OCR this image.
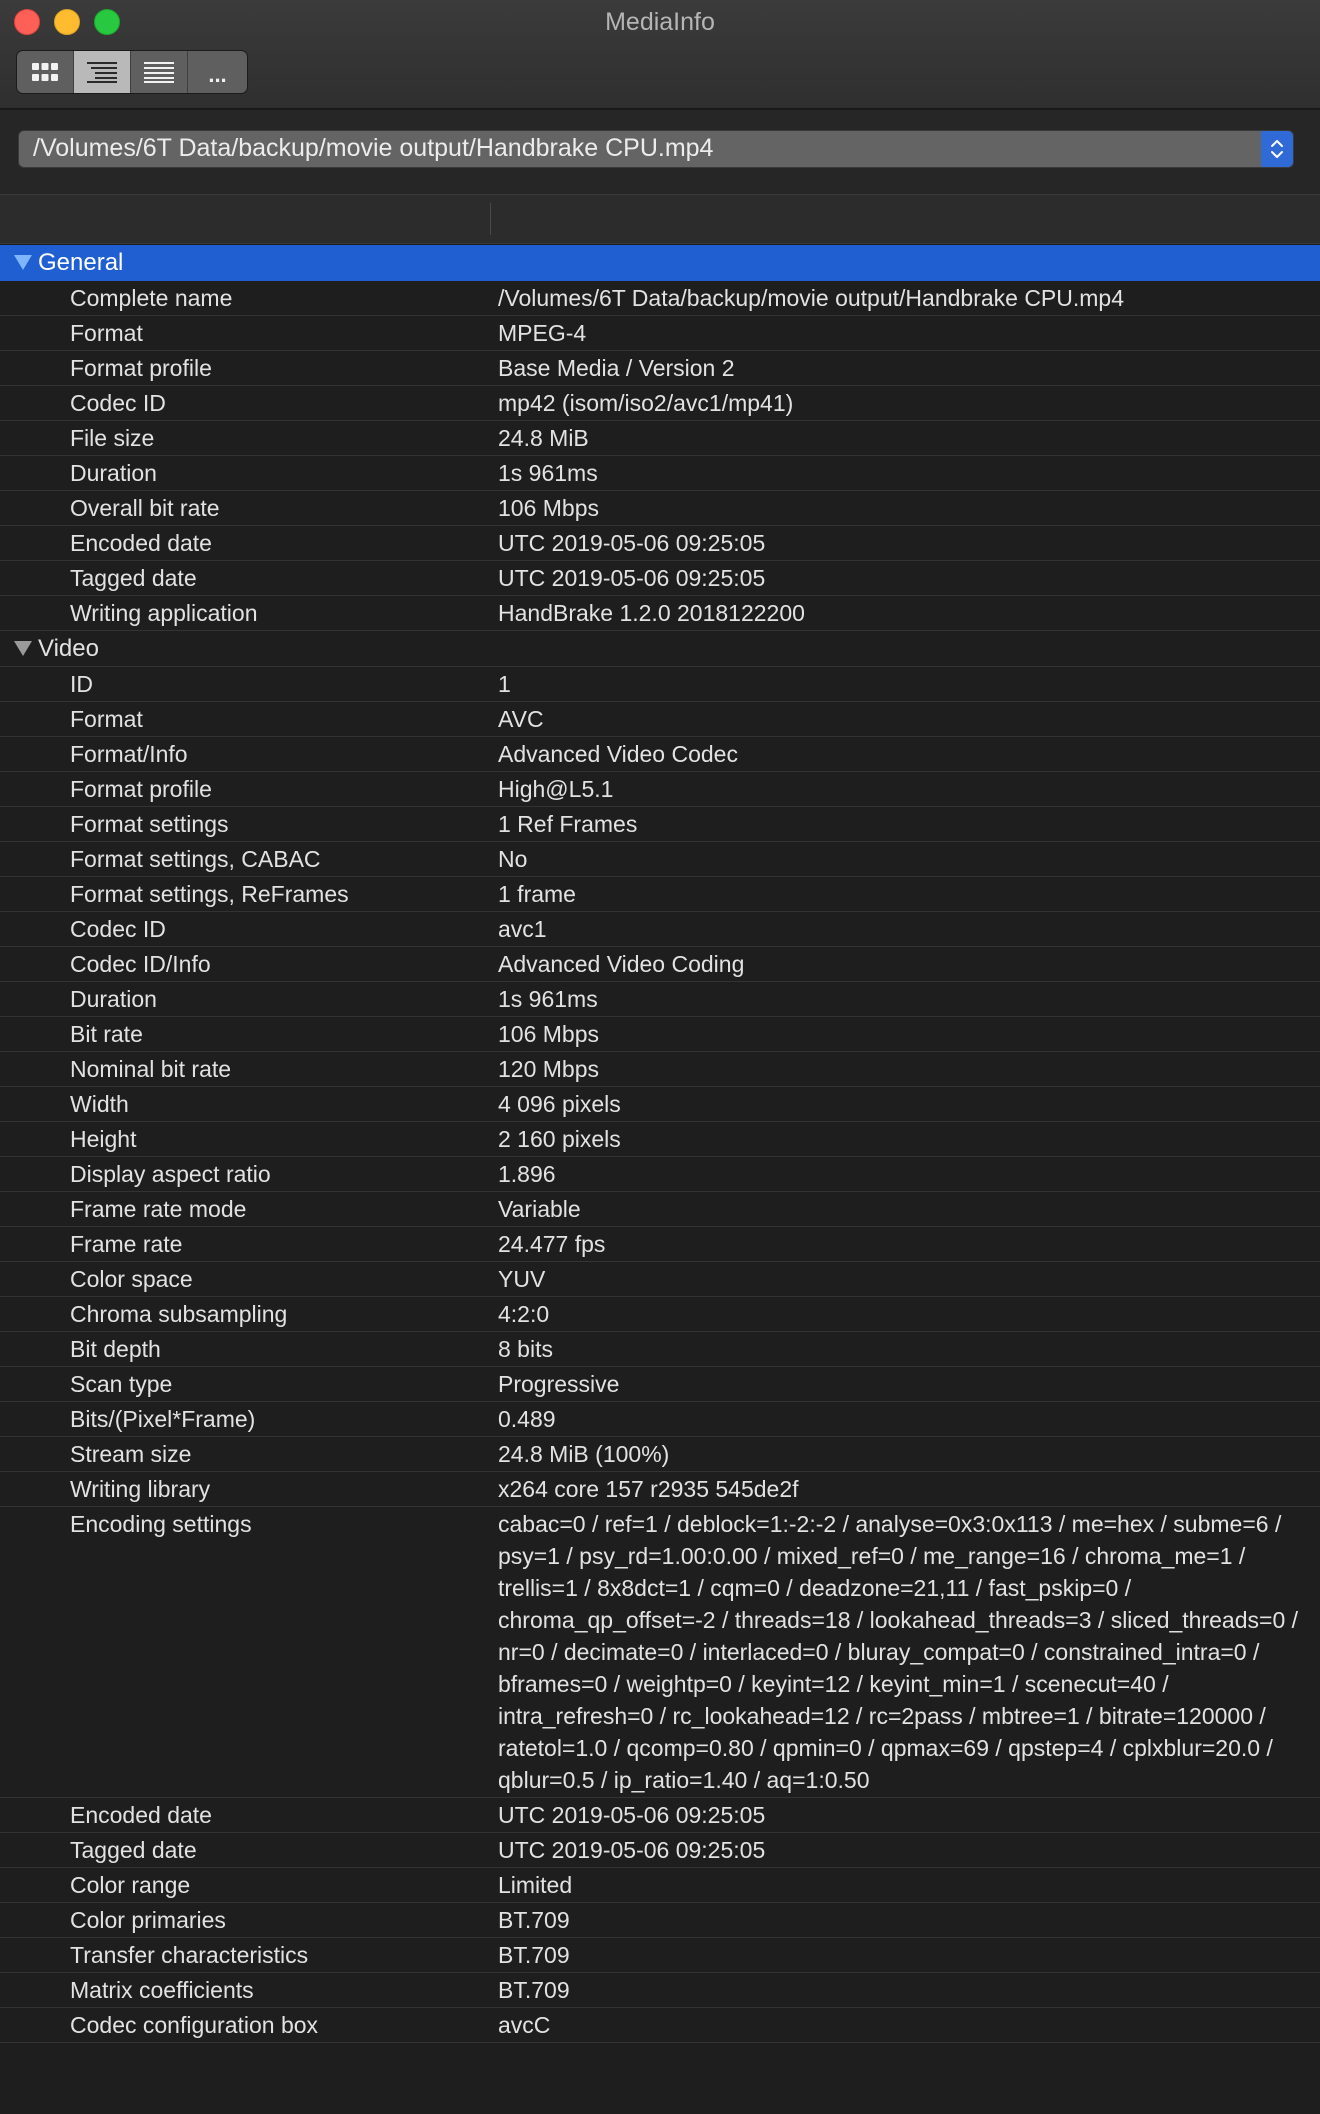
MediaInfo
...
/Volumes/6T Data/backup/movie output/Handbrake CPU.mp4
General
Complete name	/Volumes/6T Data/backup/movie output/Handbrake CPU.mp4
Format	MPEG-4
Format profile	Base Media / Version 2
Codec ID	mp42 (isom/iso2/avc1/mp41)
File size	24.8 MiB
Duration	1s 961ms
Overall bit rate	106 Mbps
Encoded date	UTC 2019-05-06 09:25:05
Tagged date	UTC 2019-05-06 09:25:05
Writing application	HandBrake 1.2.0 2018122200
Video
ID	1
Format	AVC
Format/Info	Advanced Video Codec
Format profile	High@L5.1
Format settings	1 Ref Frames
Format settings, CABAC	No
Format settings, ReFrames	1 frame
Codec ID	avc1
Codec ID/Info	Advanced Video Coding
Duration	1s 961ms
Bit rate	106 Mbps
Nominal bit rate	120 Mbps
Width	4 096 pixels
Height	2 160 pixels
Display aspect ratio	1.896
Frame rate mode	Variable
Frame rate	24.477 fps
Color space	YUV
Chroma subsampling	4:2:0
Bit depth	8 bits
Scan type	Progressive
Bits/(Pixel*Frame)	0.489
Stream size	24.8 MiB (100%)
Writing library	x264 core 157 r2935 545de2f
Encoding settings	cabac=0 / ref=1 / deblock=1:-2:-2 / analyse=0x3:0x113 / me=hex / subme=6 / psy=1 / psy_rd=1.00:0.00 / mixed_ref=0 / me_range=16 / chroma_me=1 / trellis=1 / 8x8dct=1 / cqm=0 / deadzone=21,11 / fast_pskip=0 / chroma_qp_offset=-2 / threads=18 / lookahead_threads=3 / sliced_threads=0 / nr=0 / decimate=0 / interlaced=0 / bluray_compat=0 / constrained_intra=0 / bframes=0 / weightp=0 / keyint=12 / keyint_min=1 / scenecut=40 / intra_refresh=0 / rc_lookahead=12 / rc=2pass / mbtree=1 / bitrate=120000 / ratetol=1.0 / qcomp=0.80 / qpmin=0 / qpmax=69 / qpstep=4 / cplxblur=20.0 / qblur=0.5 / ip_ratio=1.40 / aq=1:0.50
Encoded date	UTC 2019-05-06 09:25:05
Tagged date	UTC 2019-05-06 09:25:05
Color range	Limited
Color primaries	BT.709
Transfer characteristics	BT.709
Matrix coefficients	BT.709
Codec configuration box	avcC
